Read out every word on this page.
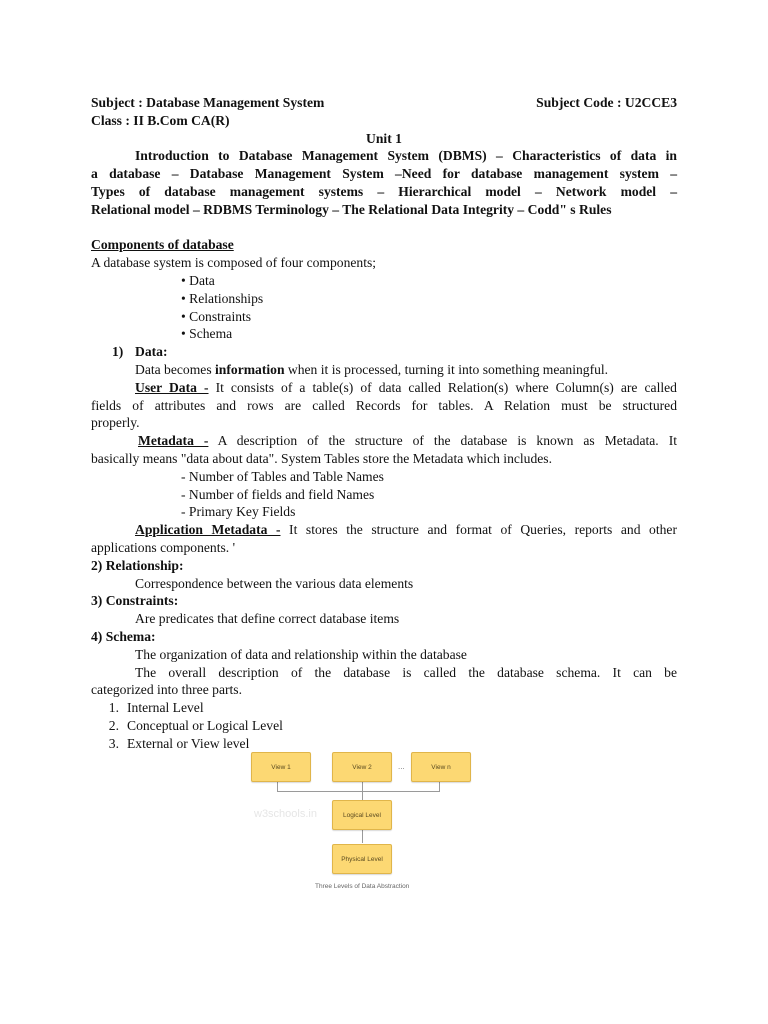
Subject : Database Management System	Subject Code : U2CCE3
Class : II B.Com CA(R)
Unit 1
Introduction to Database Management System (DBMS) – Characteristics of data in
a database – Database Management System –Need for database management system –
Types of database management systems – Hierarchical model – Network model –
Relational model – RDBMS Terminology – The Relational Data Integrity – Codd" s Rules
Components of database
A database system is composed of four components;
• Data
• Relationships
• Constraints
• Schema
1) Data:
Data becomes information when it is processed, turning it into something meaningful.
User Data - It consists of a table(s) of data called Relation(s) where Column(s) are called
fields of attributes and rows are called Records for tables. A Relation must be structured
properly.
Metadata - A description of the structure of the database is known as Metadata. It
basically means "data about data". System Tables store the Metadata which includes.
- Number of Tables and Table Names
- Number of fields and field Names
- Primary Key Fields
Application Metadata - It stores the structure and format of Queries, reports and other
applications components. '
2) Relationship:
Correspondence between the various data elements
3) Constraints:
Are predicates that define correct database items
4) Schema:
The organization of data and relationship within the database
The overall description of the database is called the database schema. It can be
categorized into three parts.
1. Internal Level
2. Conceptual or Logical Level
3. External or View level
View 1	View 2	...	View n
w3schools.in	Logical Level
Physical Level
Three Levels of Data Abstraction
